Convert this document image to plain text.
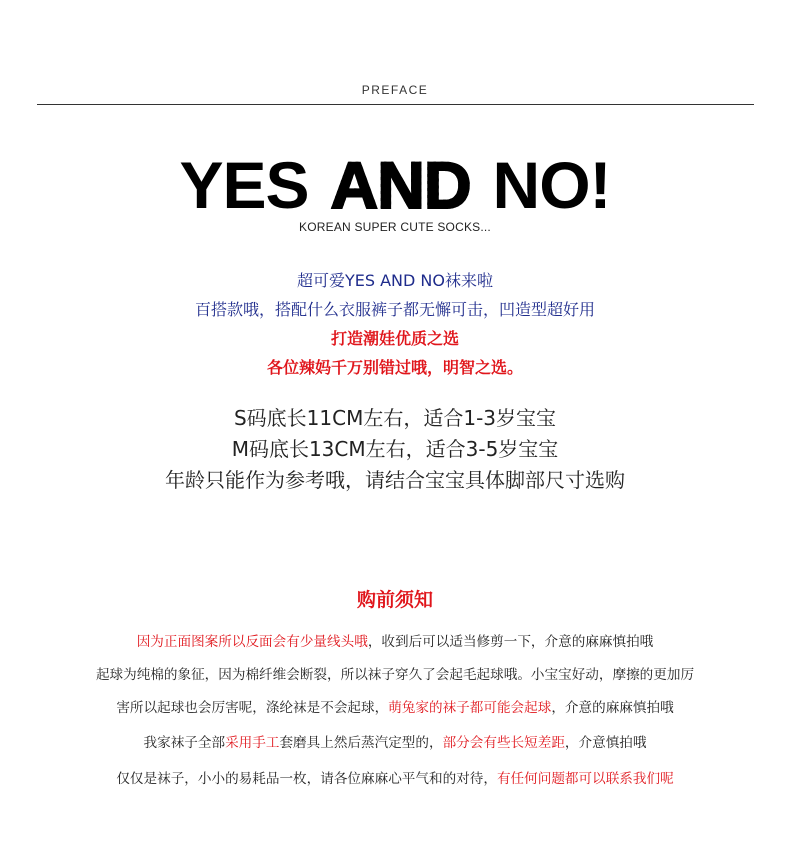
PREFACE
YES AND NO!
KOREAN SUPER CUTE SOCKS...
超可爱YES AND NO袜来啦
百搭款哦，搭配什么衣服裤子都无懈可击，凹造型超好用
打造潮娃优质之选
各位辣妈千万别错过哦，明智之选。
S码底长11CM左右，适合1-3岁宝宝
M码底长13CM左右，适合3-5岁宝宝
年龄只能作为参考哦，请结合宝宝具体脚部尺寸选购
购前须知
因为正面图案所以反面会有少量线头哦，收到后可以适当修剪一下，介意的麻麻慎拍哦
起球为纯棉的象征，因为棉纤维会断裂，所以袜子穿久了会起毛起球哦。小宝宝好动，摩擦的更加厉
害所以起球也会厉害呢，涤纶袜是不会起球，萌兔家的袜子都可能会起球，介意的麻麻慎拍哦
我家袜子全部采用手工套磨具上然后蒸汽定型的，部分会有些长短差距，介意慎拍哦
仅仅是袜子，小小的易耗品一枚，请各位麻麻心平气和的对待，有任何问题都可以联系我们呢
